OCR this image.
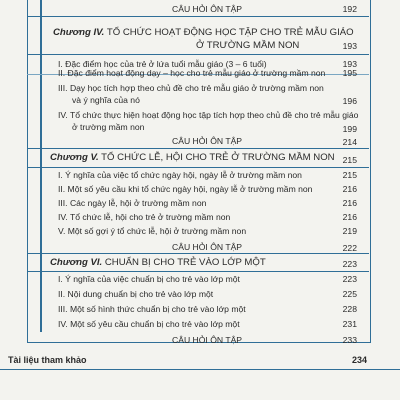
CÂU HỎI ÔN TẬP	192
Chương IV. TỔ CHỨC HOẠT ĐỘNG HỌC TẬP CHO TRẺ MẪU GIÁO
Ở TRƯỜNG MẦM NON	193
I. Đặc điểm học của trẻ ở lứa tuổi mẫu giáo (3 – 6 tuổi)	193
II. Đặc điểm hoạt động dạy – học cho trẻ mẫu giáo ở trường mầm non	195
III. Dạy học tích hợp theo chủ đề cho trẻ mẫu giáo ở trường mầm non
và ý nghĩa của nó	196
IV. Tổ chức thực hiện hoạt động học tập tích hợp theo chủ đề cho trẻ mẫu giáo
ở trường mầm non	199
CÂU HỎI ÔN TẬP	214
Chương V. TỔ CHỨC LỄ, HỘI CHO TRẺ Ở TRƯỜNG MẦM NON 215
I. Ý nghĩa của việc tổ chức ngày hội, ngày lễ ở trường mầm non	215
II. Một số yêu cầu khi tổ chức ngày hội, ngày lễ ở trường mầm non	216
III. Các ngày lễ, hội ở trường mầm non	216
IV. Tổ chức lễ, hội cho trẻ ở trường mầm non	216
V. Một số gợi ý tổ chức lễ, hội ở trường mầm non	219
CÂU HỎI ÔN TẬP	222
Chương VI. CHUẨN BỊ CHO TRẺ VÀO LỚP MỘT	223
I. Ý nghĩa của việc chuẩn bị cho trẻ vào lớp một	223
II. Nội dung chuẩn bị cho trẻ vào lớp một	225
III. Một số hình thức chuẩn bị cho trẻ vào lớp một	228
IV. Một số yêu cầu chuẩn bị cho trẻ vào lớp một	231
CÂU HỎI ÔN TẬP	233
Tài liệu tham khảo	234
